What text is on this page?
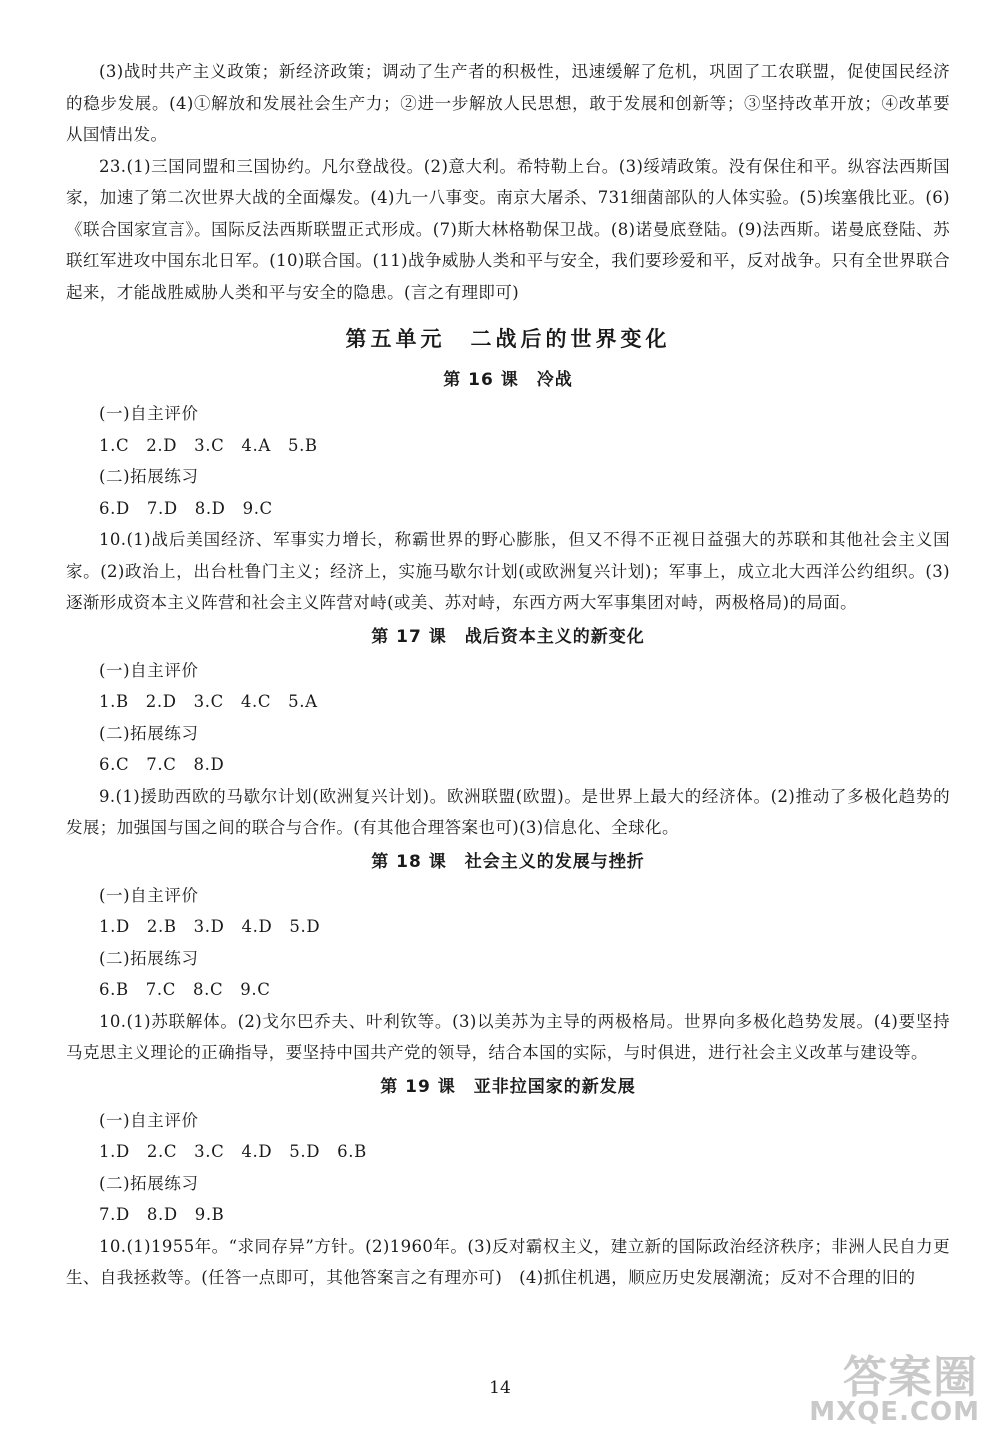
(3)战时共产主义政策；新经济政策；调动了生产者的积极性，迅速缓解了危机，巩固了工农联盟，促使国民经济的稳步发展。(4)①解放和发展社会生产力；②进一步解放人民思想，敢于发展和创新等；③坚持改革开放；④改革要从国情出发。

23.(1)三国同盟和三国协约。凡尔登战役。(2)意大利。希特勒上台。(3)绥靖政策。没有保住和平。纵容法西斯国家，加速了第二次世界大战的全面爆发。(4)九一八事变。南京大屠杀、731细菌部队的人体实验。(5)埃塞俄比亚。(6)《联合国家宣言》。国际反法西斯联盟正式形成。(7)斯大林格勒保卫战。(8)诺曼底登陆。(9)法西斯。诺曼底登陆、苏联红军进攻中国东北日军。(10)联合国。(11)战争威胁人类和平与安全，我们要珍爱和平，反对战争。只有全世界联合起来，才能战胜威胁人类和平与安全的隐患。(言之有理即可)

第五单元　二战后的世界变化
第 16 课　冷战

(一)自主评价

1.C　2.D　3.C　4.A　5.B

(二)拓展练习

6.D　7.D　8.D　9.C

10.(1)战后美国经济、军事实力增长，称霸世界的野心膨胀，但又不得不正视日益强大的苏联和其他社会主义国家。(2)政治上，出台杜鲁门主义；经济上，实施马歇尔计划(或欧洲复兴计划)；军事上，成立北大西洋公约组织。(3)逐渐形成资本主义阵营和社会主义阵营对峙(或美、苏对峙，东西方两大军事集团对峙，两极格局)的局面。

第 17 课　战后资本主义的新变化

(一)自主评价

1.B　2.D　3.C　4.C　5.A

(二)拓展练习

6.C　7.C　8.D

9.(1)援助西欧的马歇尔计划(欧洲复兴计划)。欧洲联盟(欧盟)。是世界上最大的经济体。(2)推动了多极化趋势的发展；加强国与国之间的联合与合作。(有其他合理答案也可)(3)信息化、全球化。

第 18 课　社会主义的发展与挫折

(一)自主评价

1.D　2.B　3.D　4.D　5.D

(二)拓展练习

6.B　7.C　8.C　9.C

10.(1)苏联解体。(2)戈尔巴乔夫、叶利钦等。(3)以美苏为主导的两极格局。世界向多极化趋势发展。(4)要坚持马克思主义理论的正确指导，要坚持中国共产党的领导，结合本国的实际，与时俱进，进行社会主义改革与建设等。

第 19 课　亚非拉国家的新发展

(一)自主评价

1.D　2.C　3.C　4.D　5.D　6.B

(二)拓展练习

7.D　8.D　9.B

10.(1)1955年。“求同存异”方针。(2)1960年。(3)反对霸权主义，建立新的国际政治经济秩序；非洲人民自力更生、自我拯救等。(任答一点即可，其他答案言之有理亦可)　(4)抓住机遇，顺应历史发展潮流；反对不合理的旧的

14	答案圈
MXQE.COM
